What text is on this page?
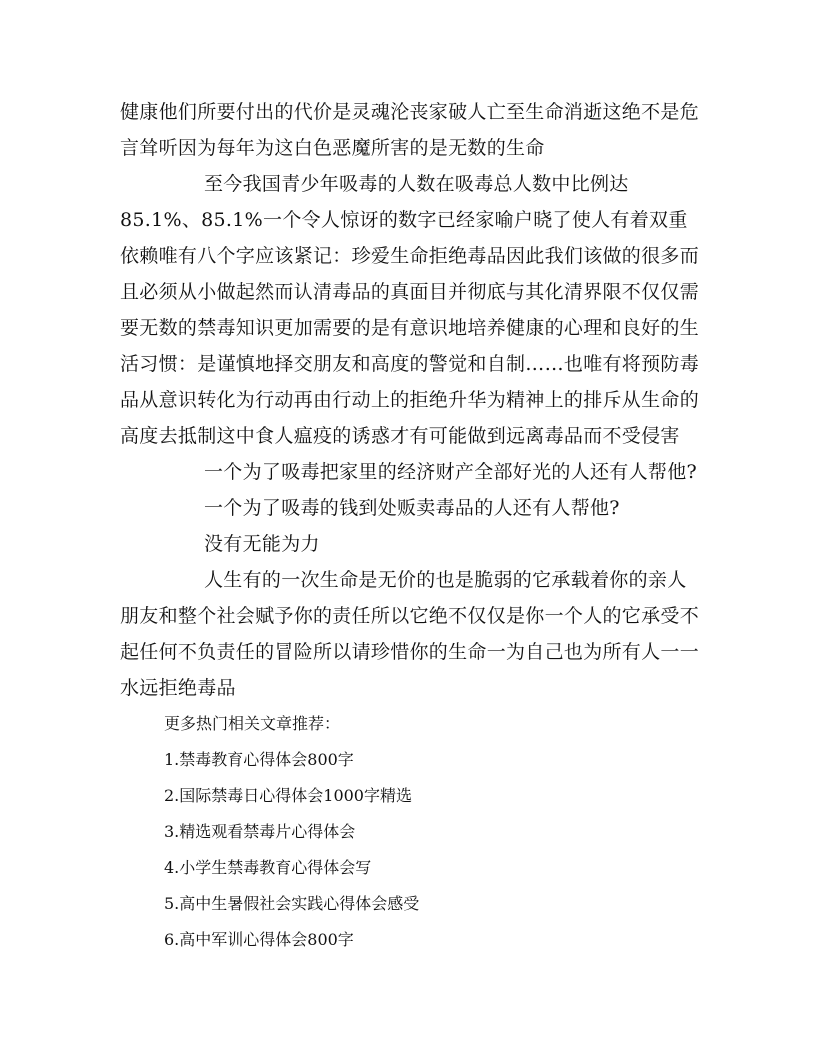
健康他们所要付出的代价是灵魂沦丧家破人亡至生命消逝这绝不是危言耸听因为每年为这白色恶魔所害的是无数的生命
至今我国青少年吸毒的人数在吸毒总人数中比例达85.1%、85.1%一个令人惊讶的数字已经家喻户晓了使人有着双重依赖唯有八个字应该紧记：珍爱生命拒绝毒品因此我们该做的很多而且必须从小做起然而认清毒品的真面目并彻底与其化清界限不仅仅需要无数的禁毒知识更加需要的是有意识地培养健康的心理和良好的生活习惯：是谨慎地择交朋友和高度的警觉和自制……也唯有将预防毒品从意识转化为行动再由行动上的拒绝升华为精神上的排斥从生命的高度去抵制这中食人瘟疫的诱惑才有可能做到远离毒品而不受侵害
一个为了吸毒把家里的经济财产全部好光的人还有人帮他?
一个为了吸毒的钱到处贩卖毒品的人还有人帮他?
没有无能为力
人生有的一次生命是无价的也是脆弱的它承载着你的亲人朋友和整个社会赋予你的责任所以它绝不仅仅是你一个人的它承受不起任何不负责任的冒险所以请珍惜你的生命一为自己也为所有人一一水远拒绝毒品
更多热门相关文章推荐：
1.禁毒教育心得体会800字
2.国际禁毒日心得体会1000字精选
3.精选观看禁毒片心得体会
4.小学生禁毒教育心得体会写
5.高中生暑假社会实践心得体会感受
6.高中军训心得体会800字
